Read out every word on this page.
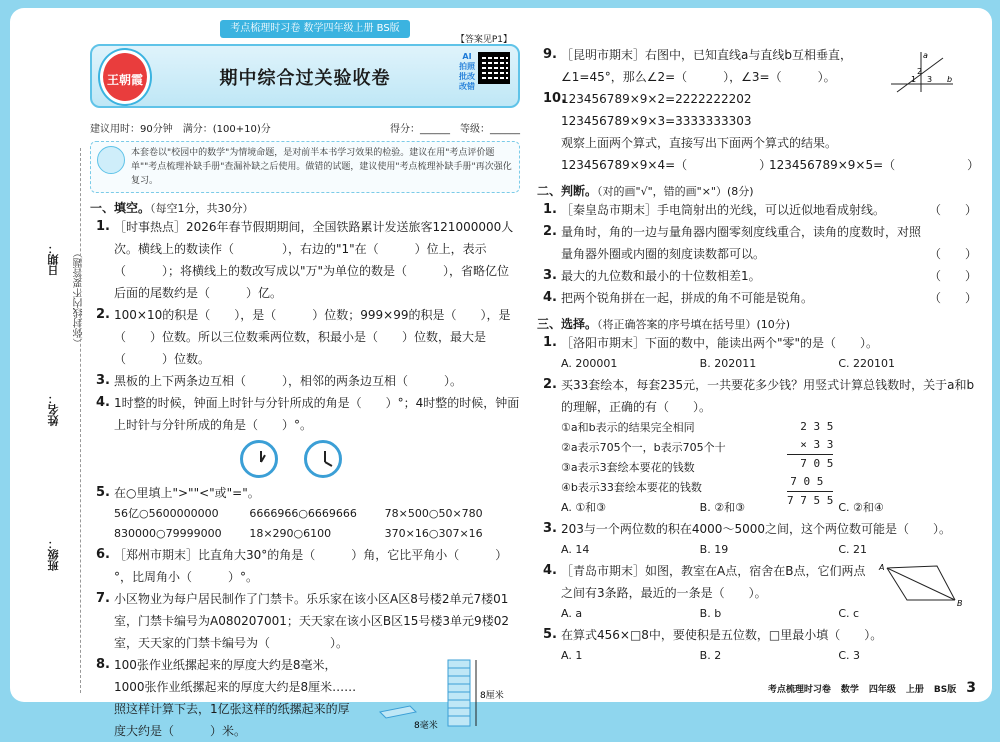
考点梳理时习卷 数学四年级上册 BS版
日期：
姓名：
班级：
（弥封线内不要答题）
【答案见P1】
王朝霞	期中综合过关验收卷
AI 拍照 批改 改错
建议用时：90分钟 满分：(100+10)分	得分：______ 等级：______
本套卷以"校园中的数学"为情境命题，是对前半本书学习效果的检验。建议在用"考点评价题单""考点梳理补缺手册"查漏补缺之后使用。做错的试题，建议使用"考点梳理补缺手册"再次强化复习。
一、填空。（每空1分，共30分）
1. ［时事热点］2026年春节假期期间，全国铁路累计发送旅客121000000人次。横线上的数读作（　　　　），右边的"1"在（　　　）位上，表示（　　　）；将横线上的数改写成以"万"为单位的数是（　　　），省略亿位后面的尾数约是（　　　）亿。
2. 100×10的积是（　　），是（　　　）位数；999×99的积是（　　），是（　　）位数。所以三位数乘两位数，积最小是（　　）位数，最大是（　　　）位数。
3. 黑板的上下两条边互相（　　　），相邻的两条边互相（　　　）。
4. 1时整的时候，钟面上时针与分针所成的角是（　　）°；4时整的时候，钟面上时针与分针所成的角是（　　）°。
5. 在○里填上">""<"或"="。
56亿○5600000000	6666966○6669666	78×500○50×780
830000○79999000	18×290○6100	370×16○307×16
6. ［郑州市期末］比直角大30°的角是（　　　）角，它比平角小（　　　）°，比周角小（　　　）°。
7. 小区物业为每户居民制作了门禁卡。乐乐家在该小区A区8号楼2单元7楼01室，门禁卡编号为A080207001；天天家在该小区B区15号楼3单元9楼02室，天天家的门禁卡编号为（　　　　　）。
8. 100张作业纸摞起来的厚度大约是8毫米，1000张作业纸摞起来的厚度大约是8厘米……照这样计算下去，1亿张这样的纸摞起来的厚度大约是（　　　）米。
8厘米
8毫米
9. ［昆明市期末］右图中，已知直线a与直线b互相垂直，∠1=45°，那么∠2=（　　　），∠3=（　　　）。
a
b
1
2
3
10.
123456789×9×2=2222222202
123456789×9×3=3333333303
观察上面两个算式，直接写出下面两个算式的结果。
123456789×9×4=（　　　　　　）
123456789×9×5=（　　　　　　）
二、判断。（对的画"√"，错的画"×"）(8分)
1. ［秦皇岛市期末］手电筒射出的光线，可以近似地看成射线。	（　　）
2. 量角时，角的一边与量角器内圈零刻度线重合，读角的度数时，对照量角器外圈或内圈的刻度读数都可以。	（　　）
3. 最大的九位数和最小的十位数相差1。	（　　）
4. 把两个锐角拼在一起，拼成的角不可能是锐角。	（　　）
三、选择。（将正确答案的序号填在括号里）(10分)
1. ［洛阳市期末］下面的数中，能读出两个"零"的是（　　）。
A. 200001	B. 202011	C. 220101
2. 买33套绘本，每套235元，一共要花多少钱？用竖式计算总钱数时，关于a和b的理解，正确的有（　　）。
①a和b表示的结果完全相同
②a表示705个一，b表示705个十
③a表示3套绘本要花的钱数
④b表示33套绘本要花的钱数
2 3 5
× 3 3
7 0 5
7 0 5
7 7 5 5
A. ①和③	B. ②和③	C. ②和④
3. 203与一个两位数的积在4000～5000之间，这个两位数可能是（　　）。
A. 14	B. 19	C. 21
4. ［青岛市期末］如图，教室在A点，宿舍在B点，它们两点之间有3条路，最近的一条是（　　）。
A
B
A. a	B. b	C. c
5. 在算式456×□8中，要使积是五位数，□里最小填（　　）。
A. 1	B. 2	C. 3
考点梳理时习卷 数学 四年级 上册 BS版 3
